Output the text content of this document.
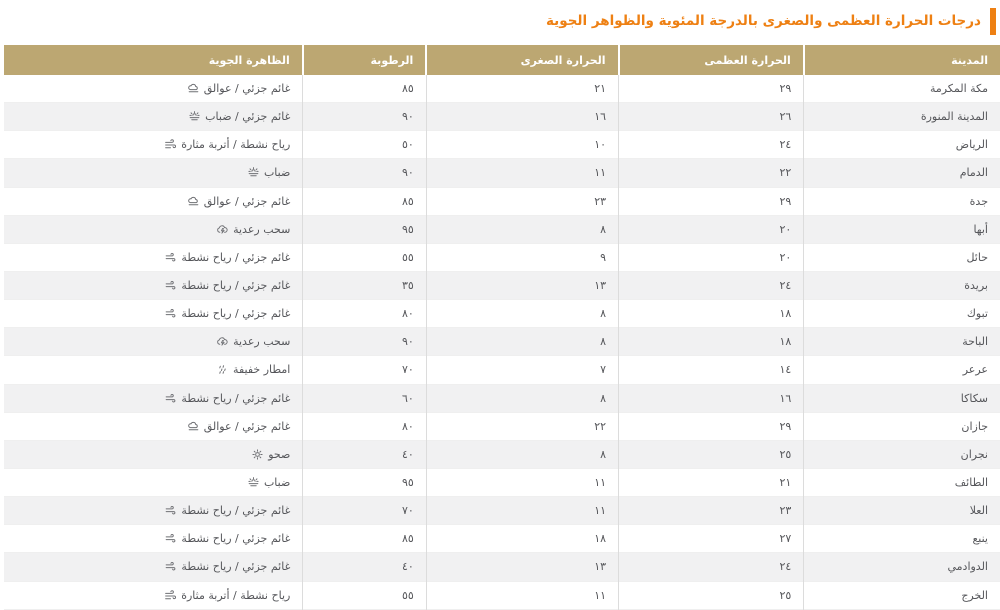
درجات الحرارة العظمى والصغرى بالدرجة المئوية والظواهر الجوية
المدينة	الحرارة العظمى	الحرارة الصغرى	الرطوبة	الظاهرة الجوية
مكة المكرمة	٢٩	٢١	٨٥	غائم جزئي / عوالق

المدينة المنورة	٢٦	١٦	٩٠	غائم جزئي / ضباب

الرياض	٢٤	١٠	٥٠	رياح نشطة / أتربة مثارة

الدمام	٢٢	١١	٩٠	ضباب

جدة	٢٩	٢٣	٨٥	غائم جزئي / عوالق

أبها	٢٠	٨	٩٥	سحب رعدية

حائل	٢٠	٩	٥٥	غائم جزئي / رياح نشطة

بريدة	٢٤	١٣	٣٥	غائم جزئي / رياح نشطة

تبوك	١٨	٨	٨٠	غائم جزئي / رياح نشطة

الباحة	١٨	٨	٩٠	سحب رعدية

عرعر	١٤	٧	٧٠	امطار خفيفة

سكاكا	١٦	٨	٦٠	غائم جزئي / رياح نشطة

جازان	٢٩	٢٢	٨٠	غائم جزئي / عوالق

نجران	٢٥	٨	٤٠	صحو

الطائف	٢١	١١	٩٥	ضباب

العلا	٢٣	١١	٧٠	غائم جزئي / رياح نشطة

ينبع	٢٧	١٨	٨٥	غائم جزئي / رياح نشطة

الدوادمي	٢٤	١٣	٤٠	غائم جزئي / رياح نشطة

الخرج	٢٥	١١	٥٥	رياح نشطة / أتربة مثارة
